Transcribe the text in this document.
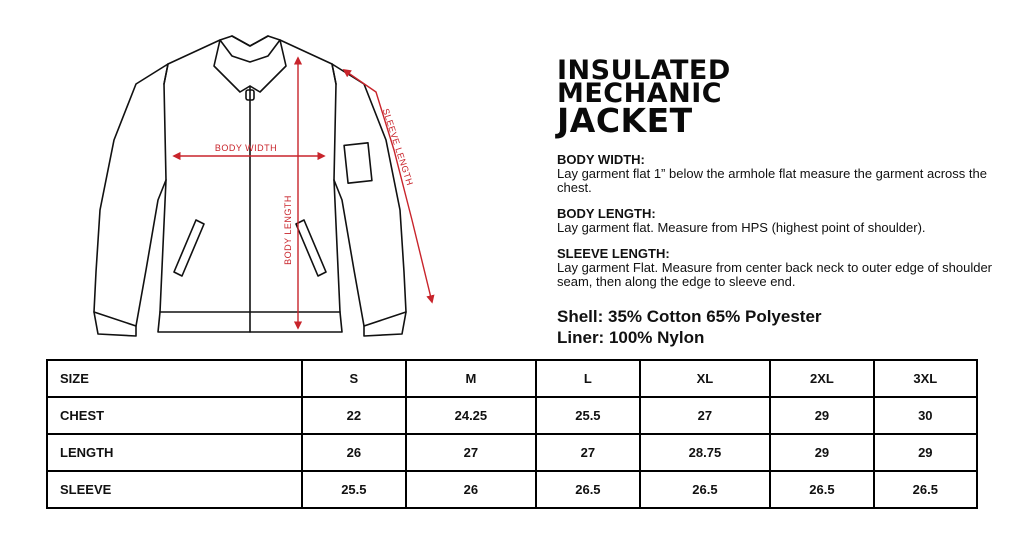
BODY WIDTH
BODY LENGTH
SLEEVE LENGTH
INSULATED
MECHANIC
JACKET
BODY WIDTH:
Lay garment flat 1” below the armhole flat measure the garment across the chest.
BODY LENGTH:
Lay garment flat. Measure from HPS (highest point of shoulder).
SLEEVE LENGTH:
Lay garment Flat. Measure from center back neck to outer edge of shoulder seam, then along the edge to sleeve end.
Shell: 35% Cotton 65% Polyester
Liner: 100% Nylon
SIZE	S	M	L	XL	2XL	3XL
CHEST	22	24.25	25.5	27	29	30
LENGTH	26	27	27	28.75	29	29
SLEEVE	25.5	26	26.5	26.5	26.5	26.5
